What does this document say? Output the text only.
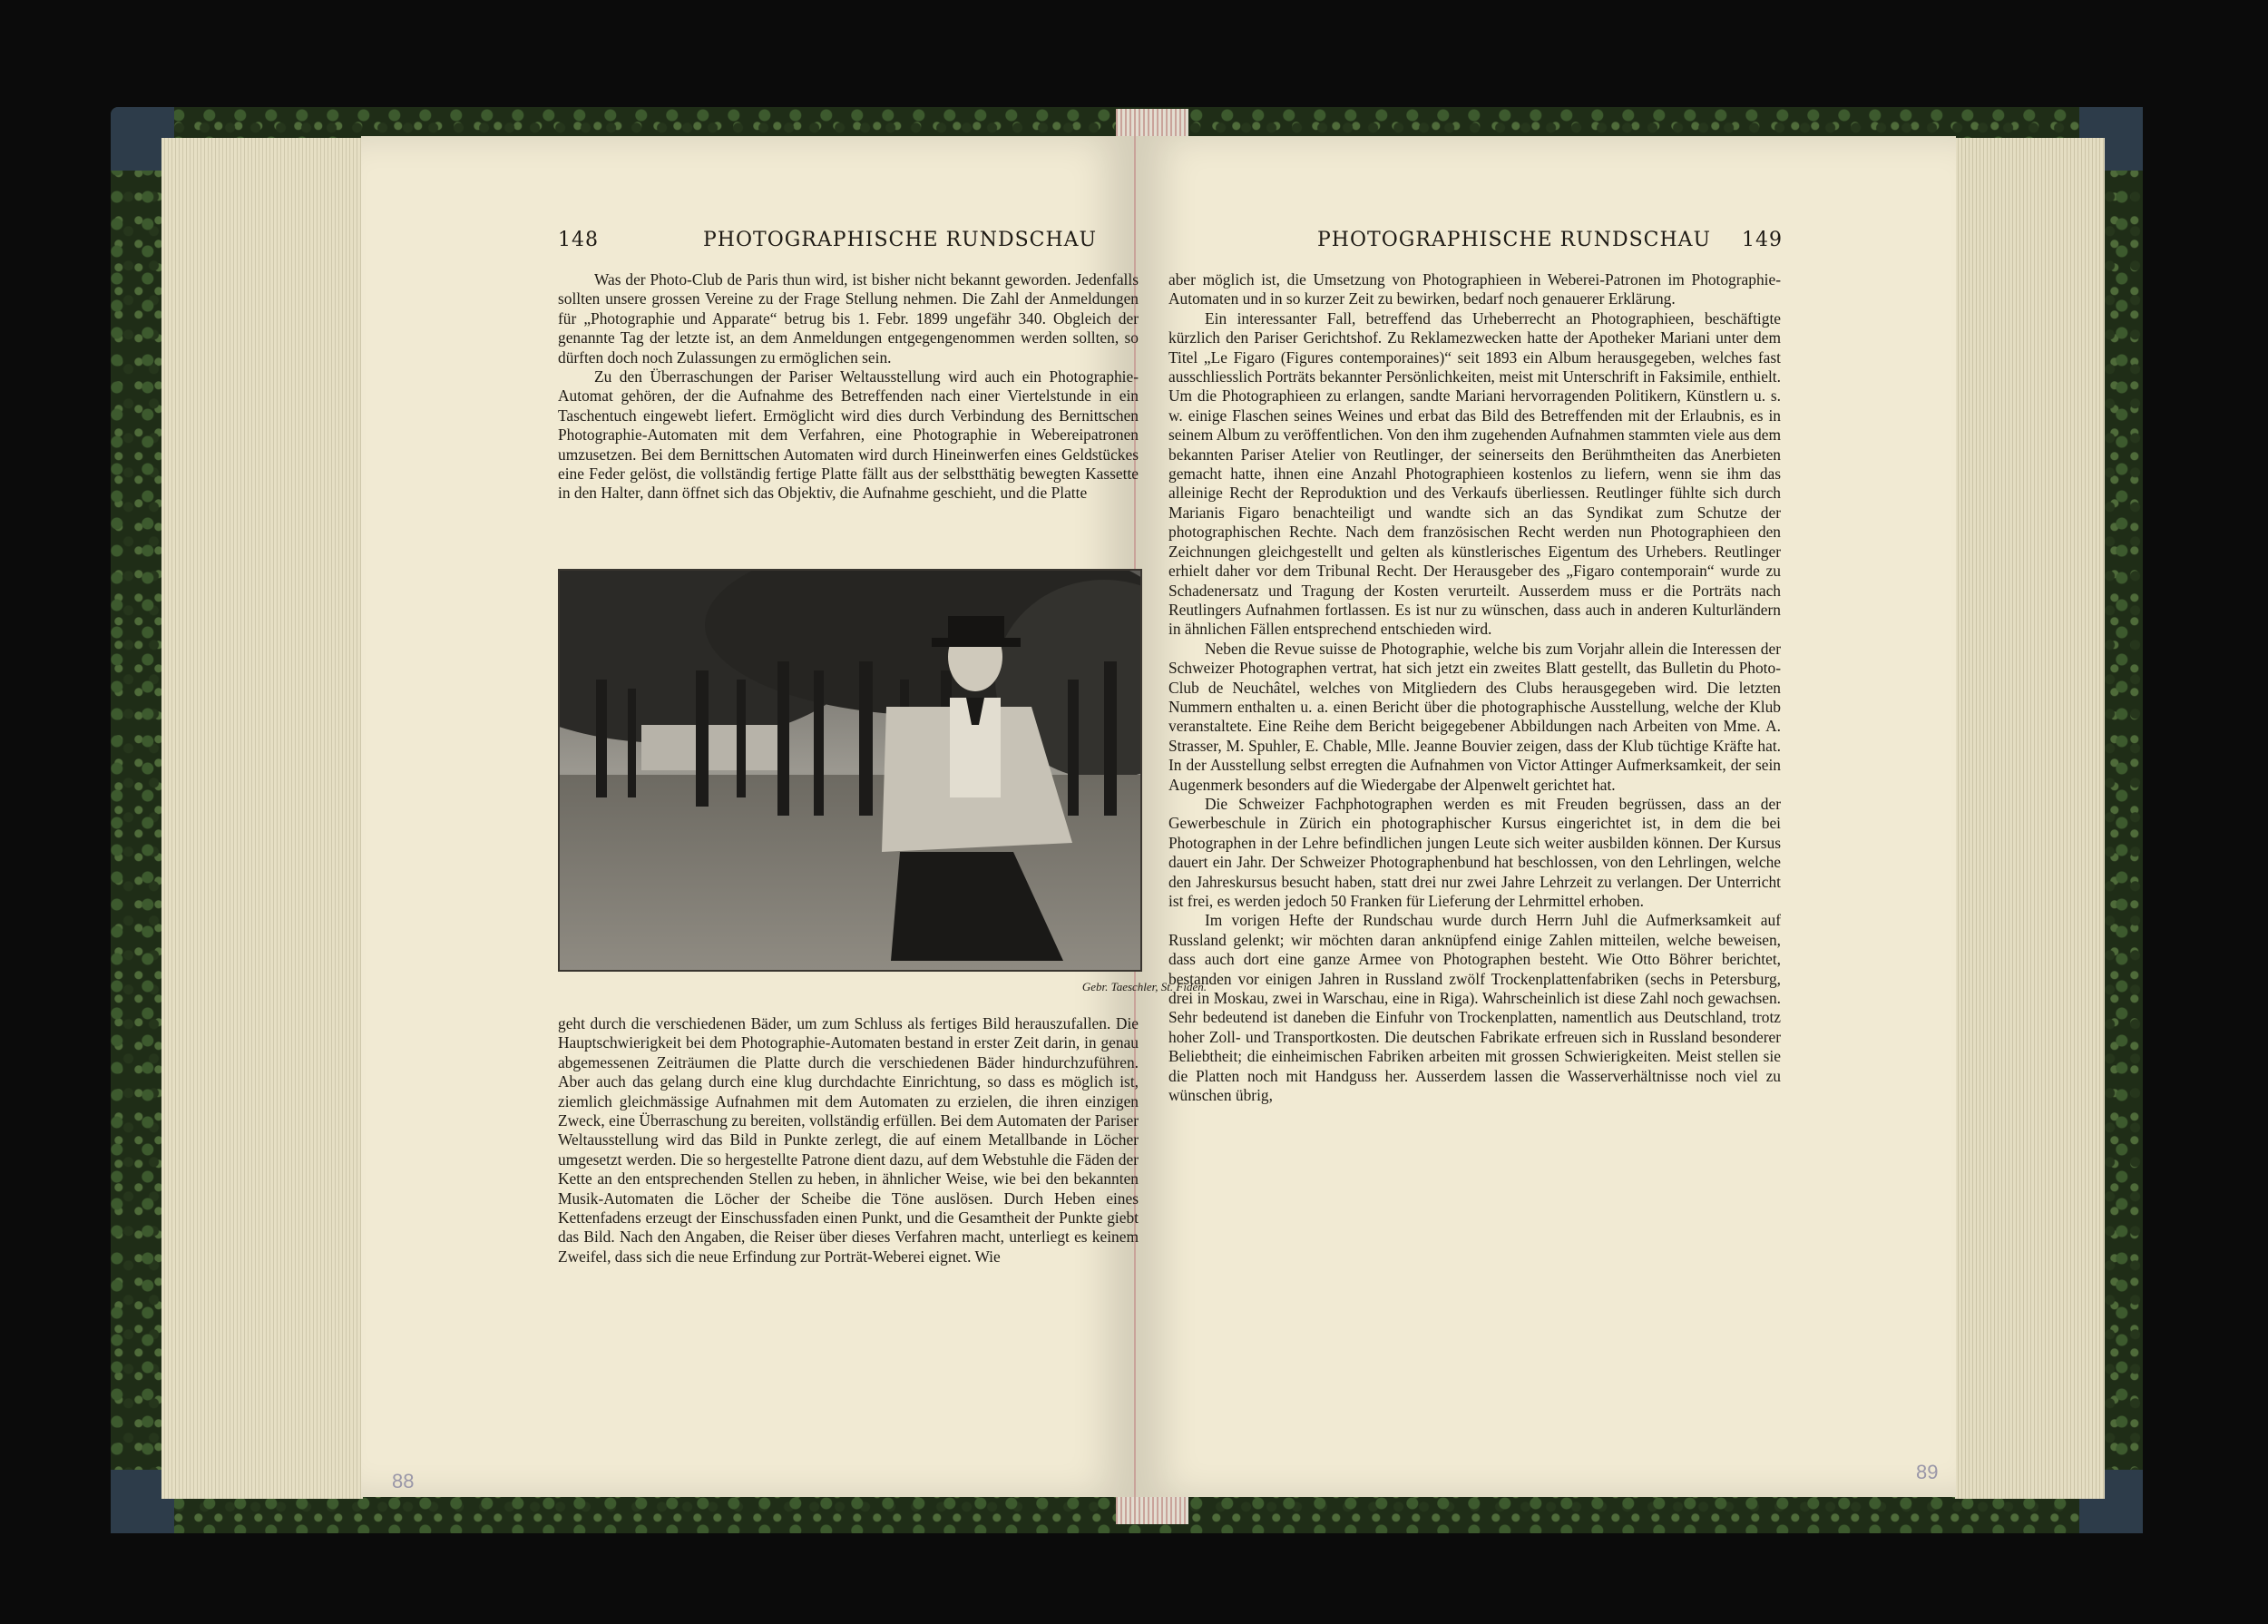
148	PHOTOGRAPHISCHE RUNDSCHAU	PHOTOGRAPHISCHE RUNDSCHAU 149

Was der Photo-Club de Paris thun wird, ist bisher nicht bekannt geworden. Jedenfalls sollten unsere grossen Vereine zu der Frage Stellung nehmen. Die Zahl der Anmeldungen für „Photographie und Apparate“ betrug bis 1. Febr. 1899 ungefähr 340. Obgleich der genannte Tag der letzte ist, an dem Anmeldungen entgegengenommen werden sollten, so dürften doch noch Zulassungen zu ermöglichen sein.

Zu den Überraschungen der Pariser Weltausstellung wird auch ein Photographie-Automat gehören, der die Aufnahme des Betreffenden nach einer Viertelstunde in ein Taschentuch eingewebt liefert. Ermöglicht wird dies durch Verbindung des Bernittschen Photographie-Automaten mit dem Verfahren, eine Photographie in Webereipatronen umzusetzen. Bei dem Bernittschen Automaten wird durch Hineinwerfen eines Geldstückes eine Feder gelöst, die vollständig fertige Platte fällt aus der selbstthätig bewegten Kassette in den Halter, dann öffnet sich das Objektiv, die Aufnahme geschieht, und die Platte

Gebr. Taeschler, St. Fiden.

geht durch die verschiedenen Bäder, um zum Schluss als fertiges Bild herauszufallen. Die Hauptschwierigkeit bei dem Photographie-Automaten bestand in erster Zeit darin, in genau abgemessenen Zeiträumen die Platte durch die verschiedenen Bäder hindurchzuführen. Aber auch das gelang durch eine klug durchdachte Einrichtung, so dass es möglich ist, ziemlich gleichmässige Aufnahmen mit dem Automaten zu erzielen, die ihren einzigen Zweck, eine Überraschung zu bereiten, vollständig erfüllen. Bei dem Automaten der Pariser Weltausstellung wird das Bild in Punkte zerlegt, die auf einem Metallbande in Löcher umgesetzt werden. Die so hergestellte Patrone dient dazu, auf dem Webstuhle die Fäden der Kette an den entsprechenden Stellen zu heben, in ähnlicher Weise, wie bei den bekannten Musik-Automaten die Löcher der Scheibe die Töne auslösen. Durch Heben eines Kettenfadens erzeugt der Einschussfaden einen Punkt, und die Gesamtheit der Punkte giebt das Bild. Nach den Angaben, die Reiser über dieses Verfahren macht, unterliegt es keinem Zweifel, dass sich die neue Erfindung zur Porträt-Weberei eignet. Wie

aber möglich ist, die Umsetzung von Photographieen in Weberei-Patronen im Photographie-Automaten und in so kurzer Zeit zu bewirken, bedarf noch genauerer Erklärung.

Ein interessanter Fall, betreffend das Urheberrecht an Photographieen, beschäftigte kürzlich den Pariser Gerichtshof. Zu Reklamezwecken hatte der Apotheker Mariani unter dem Titel „Le Figaro (Figures contemporaines)“ seit 1893 ein Album herausgegeben, welches fast ausschliesslich Porträts bekannter Persönlichkeiten, meist mit Unterschrift in Faksimile, enthielt. Um die Photographieen zu erlangen, sandte Mariani hervorragenden Politikern, Künstlern u. s. w. einige Flaschen seines Weines und erbat das Bild des Betreffenden mit der Erlaubnis, es in seinem Album zu veröffentlichen. Von den ihm zugehenden Aufnahmen stammten viele aus dem bekannten Pariser Atelier von Reutlinger, der seinerseits den Berühmtheiten das Anerbieten gemacht hatte, ihnen eine Anzahl Photographieen kostenlos zu liefern, wenn sie ihm das alleinige Recht der Reproduktion und des Verkaufs überliessen. Reutlinger fühlte sich durch Marianis Figaro benachteiligt und wandte sich an das Syndikat zum Schutze der photographischen Rechte. Nach dem französischen Recht werden nun Photographieen den Zeichnungen gleichgestellt und gelten als künstlerisches Eigentum des Urhebers. Reutlinger erhielt daher vor dem Tribunal Recht. Der Herausgeber des „Figaro contemporain“ wurde zu Schadenersatz und Tragung der Kosten verurteilt. Ausserdem muss er die Porträts nach Reutlingers Aufnahmen fortlassen. Es ist nur zu wünschen, dass auch in anderen Kulturländern in ähnlichen Fällen entsprechend entschieden wird.

Neben die Revue suisse de Photographie, welche bis zum Vorjahr allein die Interessen der Schweizer Photographen vertrat, hat sich jetzt ein zweites Blatt gestellt, das Bulletin du Photo-Club de Neuchâtel, welches von Mitgliedern des Clubs herausgegeben wird. Die letzten Nummern enthalten u. a. einen Bericht über die photographische Ausstellung, welche der Klub veranstaltete. Eine Reihe dem Bericht beigegebener Abbildungen nach Arbeiten von Mme. A. Strasser, M. Spuhler, E. Chable, Mlle. Jeanne Bouvier zeigen, dass der Klub tüchtige Kräfte hat. In der Ausstellung selbst erregten die Aufnahmen von Victor Attinger Aufmerksamkeit, der sein Augenmerk besonders auf die Wiedergabe der Alpenwelt gerichtet hat.

Die Schweizer Fachphotographen werden es mit Freuden begrüssen, dass an der Gewerbeschule in Zürich ein photographischer Kursus eingerichtet ist, in dem die bei Photographen in der Lehre befindlichen jungen Leute sich weiter ausbilden können. Der Kursus dauert ein Jahr. Der Schweizer Photographenbund hat beschlossen, von den Lehrlingen, welche den Jahreskursus besucht haben, statt drei nur zwei Jahre Lehrzeit zu verlangen. Der Unterricht ist frei, es werden jedoch 50 Franken für Lieferung der Lehrmittel erhoben.

Im vorigen Hefte der Rundschau wurde durch Herrn Juhl die Aufmerksamkeit auf Russland gelenkt; wir möchten daran anknüpfend einige Zahlen mitteilen, welche beweisen, dass auch dort eine ganze Armee von Photographen besteht. Wie Otto Böhrer berichtet, bestanden vor einigen Jahren in Russland zwölf Trockenplattenfabriken (sechs in Petersburg, drei in Moskau, zwei in Warschau, eine in Riga). Wahrscheinlich ist diese Zahl noch gewachsen. Sehr bedeutend ist daneben die Einfuhr von Trockenplatten, namentlich aus Deutschland, trotz hoher Zoll- und Transportkosten. Die deutschen Fabrikate erfreuen sich in Russland besonderer Beliebtheit; die einheimischen Fabriken arbeiten mit grossen Schwierigkeiten. Meist stellen sie die Platten noch mit Handguss her. Ausserdem lassen die Wasserverhältnisse noch viel zu wünschen übrig,

88	89
